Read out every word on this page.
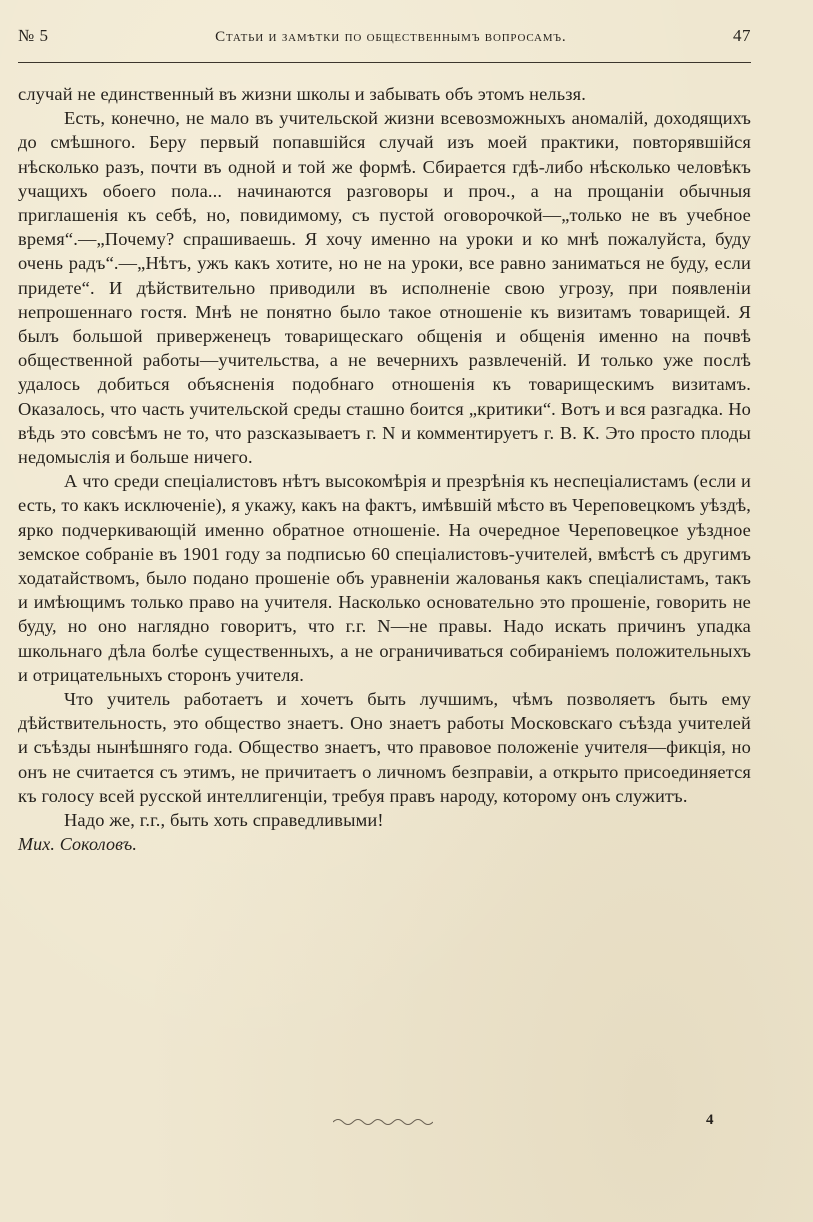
№ 5	Статьи и замѣтки по общественнымъ вопросамъ.	47

случай не единственный въ жизни школы и забывать объ этомъ нельзя.

Есть, конечно, не мало въ учительской жизни всевозможныхъ аномалій, доходящихъ до смѣшного. Беру первый попавшійся случай изъ моей практики, повторявшійся нѣсколько разъ, почти въ одной и той же формѣ. Сбирается гдѣ-либо нѣсколько человѣкъ учащихъ обоего пола... начинаются разговоры и проч., а на прощаніи обычныя приглашенія къ себѣ, но, повидимому, съ пустой оговорочкой—„только не въ учебное время“.—„Почему? спрашиваешь. Я хочу именно на уроки и ко мнѣ пожалуйста, буду очень радъ“.—„Нѣтъ, ужъ какъ хотите, но не на уроки, все равно заниматься не буду, если придете“. И дѣйствительно приводили въ исполненіе свою угрозу, при появленіи непрошеннаго гостя. Мнѣ не понятно было такое отношеніе къ визитамъ товарищей. Я былъ большой приверженецъ товарищескаго общенія и общенія именно на почвѣ общественной работы—учительства, а не вечернихъ развлеченій. И только уже послѣ удалось добиться объясненія подобнаго отношенія къ товарищескимъ визитамъ. Оказалось, что часть учительской среды сташно боится „критики“. Вотъ и вся разгадка. Но вѣдь это совсѣмъ не то, что разсказываетъ г. N и комментируетъ г. В. К. Это просто плоды недомыслія и больше ничего.

А что среди спеціалистовъ нѣтъ высокомѣрія и презрѣнія къ неспеціалистамъ (если и есть, то какъ исключеніе), я укажу, какъ на фактъ, имѣвшій мѣсто въ Череповецкомъ уѣздѣ, ярко подчеркивающій именно обратное отношеніе. На очередное Череповецкое уѣздное земское собраніе въ 1901 году за подписью 60 спеціалистовъ-учителей, вмѣстѣ съ другимъ ходатайствомъ, было подано прошеніе объ уравненіи жалованья какъ спеціалистамъ, такъ и имѣющимъ только право на учителя. Насколько основательно это прошеніе, говорить не буду, но оно наглядно говоритъ, что г.г. N—не правы. Надо искать причинъ упадка школьнаго дѣла болѣе существенныхъ, а не ограничиваться собираніемъ положительныхъ и отрицательныхъ сторонъ учителя.

Что учитель работаетъ и хочетъ быть лучшимъ, чѣмъ позволяетъ быть ему дѣйствительность, это общество знаетъ. Оно знаетъ работы Московскаго съѣзда учителей и съѣзды нынѣшняго года. Общество знаетъ, что правовое положеніе учителя—фикція, но онъ не считается съ этимъ, не причитаетъ о личномъ безправіи, а открыто присоединяется къ голосу всей русской интеллигенціи, требуя правъ народу, которому онъ служитъ.

Надо же, г.г., быть хоть справедливыми!

Мих. Соколовъ.

4
